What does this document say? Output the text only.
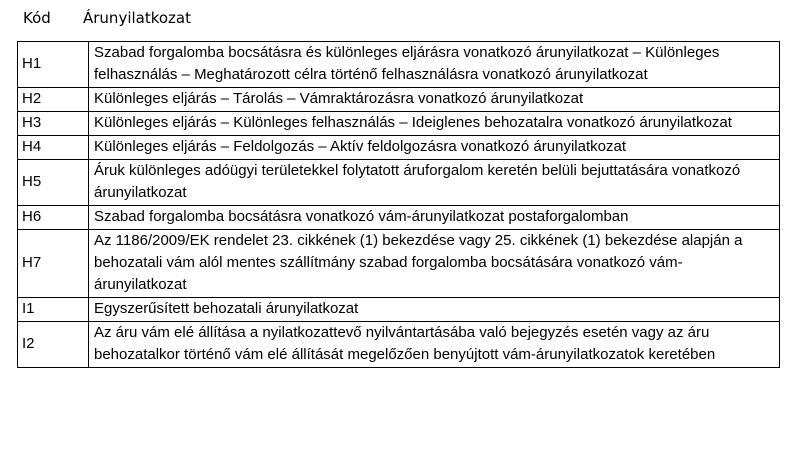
Kód Árunyilatkozat
H1	Szabad forgalomba bocsátásra és különleges eljárásra vonatkozó árunyilatkozat – Különleges felhasználás – Meghatározott célra történő felhasználásra vonatkozó árunyilatkozat
H2	Különleges eljárás – Tárolás – Vámraktározásra vonatkozó árunyilatkozat
H3	Különleges eljárás – Különleges felhasználás – Ideiglenes behozatalra vonatkozó árunyilatkozat
H4	Különleges eljárás – Feldolgozás – Aktív feldolgozásra vonatkozó árunyilatkozat
H5	Áruk különleges adóügyi területekkel folytatott áruforgalom keretén belüli bejuttatására vonatkozó árunyilatkozat
H6	Szabad forgalomba bocsátásra vonatkozó vám-árunyilatkozat postaforgalomban
H7	Az 1186/2009/EK rendelet 23. cikkének (1) bekezdése vagy 25. cikkének (1) bekezdése alapján a behozatali vám alól mentes szállítmány szabad forgalomba bocsátására vonatkozó vám-árunyilatkozat
I1	Egyszerűsített behozatali árunyilatkozat
I2	Az áru vám elé állítása a nyilatkozattevő nyilvántartásába való bejegyzés esetén vagy az áru behozatalkor történő vám elé állítását megelőzően benyújtott vám-árunyilatkozatok keretében
